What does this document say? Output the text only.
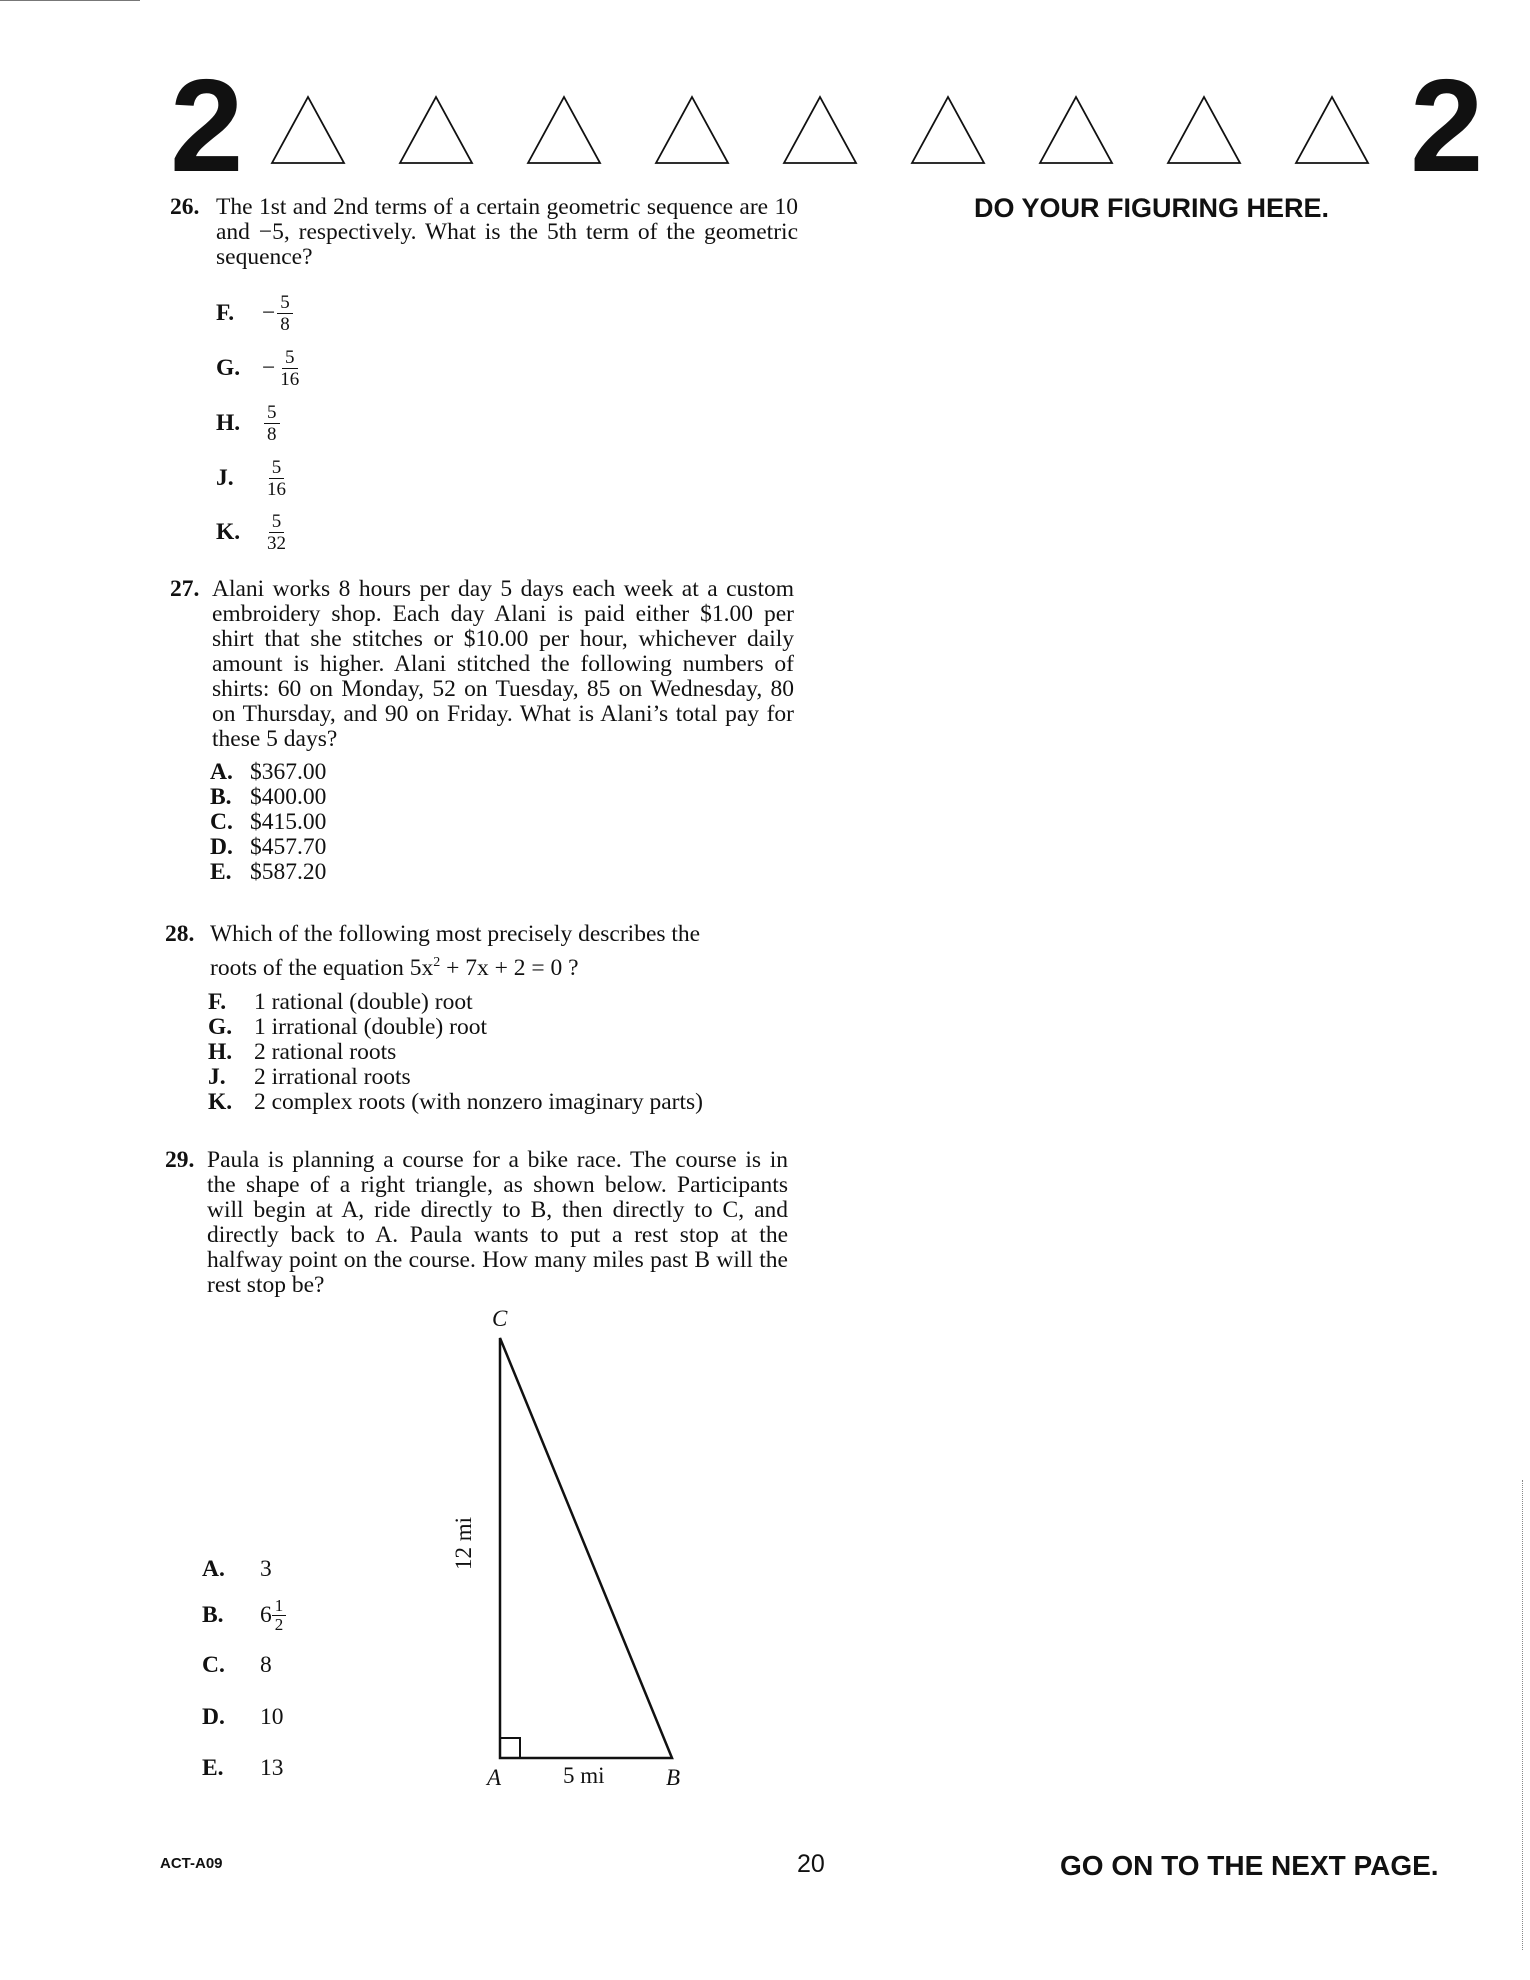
2	2
DO YOUR FIGURING HERE.
26. The 1st and 2nd terms of a certain geometric sequence are 10 and −5, respectively. What is the 5th term of the geometric sequence?
F.	− $\frac{5}{8}$
G. − $\frac{5}{16}$
H.	$\frac{5}{8}$
J.	$\frac{5}{16}$
K.	$\frac{5}{32}$
27. Alani works 8 hours per day 5 days each week at a custom embroidery shop. Each day Alani is paid either $1.00 per shirt that she stitches or $10.00 per hour, whichever daily amount is higher. Alani stitched the following numbers of shirts: 60 on Monday, 52 on Tuesday, 85 on Wednesday, 80 on Thursday, and 90 on Friday. What is Alani’s total pay for these 5 days?
A. $367.00
B. $400.00
C. $415.00
D. $457.70
E. $587.20
28. Which of the following most precisely describes the
roots of the equation $5x^2 + 7x + 2 = 0$ ?
F. 1 rational (double) root
G. 1 irrational (double) root
H. 2 rational roots
J. 2 irrational roots
K. 2 complex roots (with nonzero imaginary parts)
29. Paula is planning a course for a bike race. The course is in the shape of a right triangle, as shown below. Participants will begin at A, ride directly to B, then directly to C, and directly back to A. Paula wants to put a rest stop at the halfway point on the course. How many miles past B will the rest stop be?
A. 3
B.	$6 \frac{1}{2}$
C. 8
D. 10
E. 13
C
A	B
5 mi
12 mi
ACT-A09	20	GO ON TO THE NEXT PAGE.
